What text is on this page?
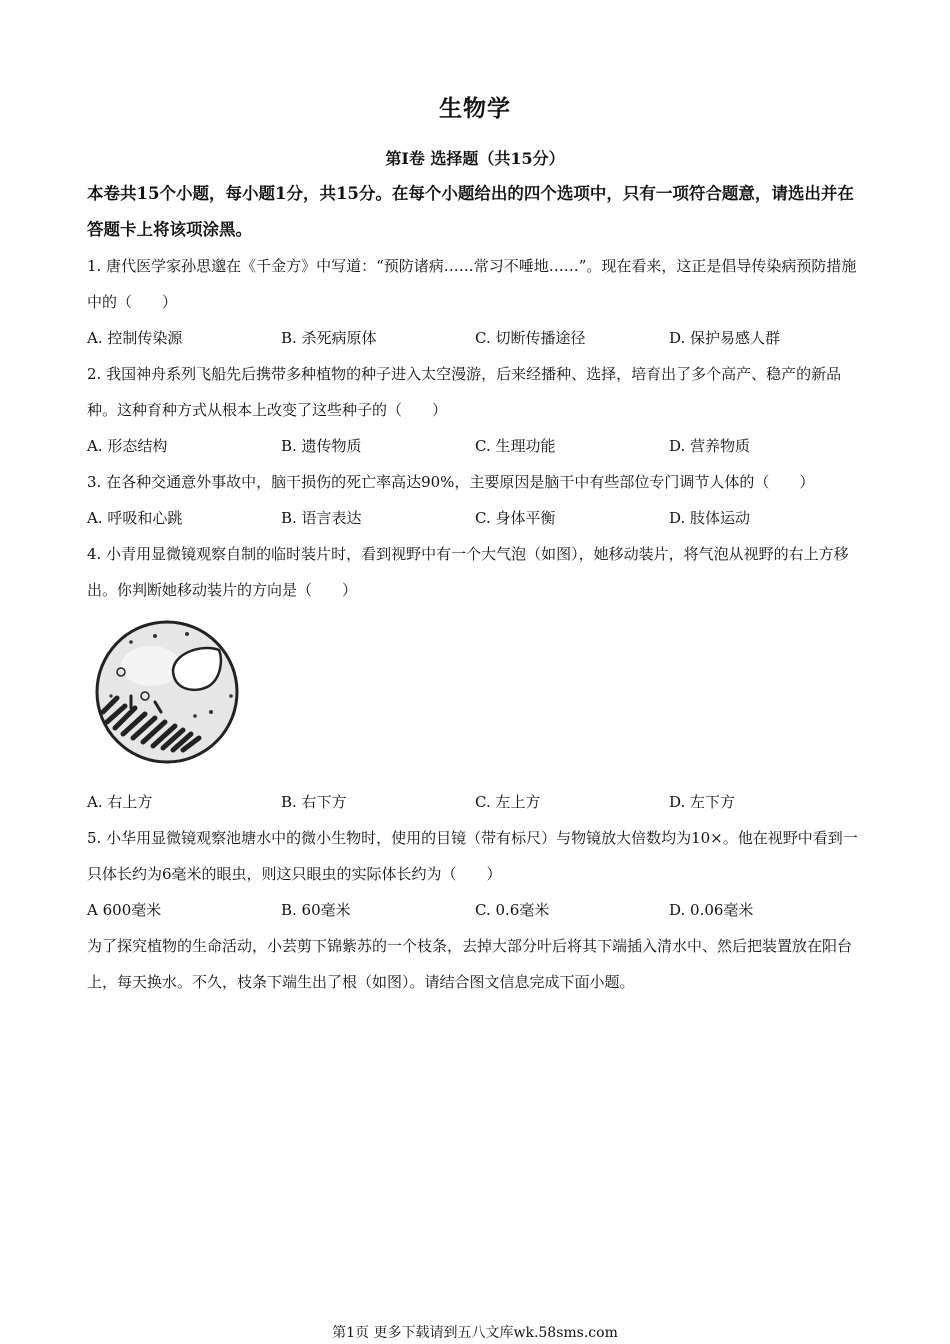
生物学
第Ⅰ卷 选择题（共15分）

本卷共15个小题，每小题1分，共15分。在每个小题给出的四个选项中，只有一项符合题意，请选出并在答题卡上将该项涂黑。

1. 唐代医学家孙思邈在《千金方》中写道：“预防诸病……常习不唾地……”。现在看来，这正是倡导传染病预防措施中的（　　）

A. 控制传染源	B. 杀死病原体	C. 切断传播途径	D. 保护易感人群

2. 我国神舟系列飞船先后携带多种植物的种子进入太空漫游，后来经播种、选择，培育出了多个高产、稳产的新品种。这种育种方式从根本上改变了这些种子的（　　）

A. 形态结构	B. 遗传物质	C. 生理功能	D. 营养物质

3. 在各种交通意外事故中，脑干损伤的死亡率高达90%，主要原因是脑干中有些部位专门调节人体的（　　）

A. 呼吸和心跳	B. 语言表达	C. 身体平衡	D. 肢体运动

4. 小青用显微镜观察自制的临时装片时，看到视野中有一个大气泡（如图），她移动装片，将气泡从视野的右上方移出。你判断她移动装片的方向是（　　）

A. 右上方	B. 右下方	C. 左上方	D. 左下方

5. 小华用显微镜观察池塘水中的微小生物时，使用的目镜（带有标尺）与物镜放大倍数均为10×。他在视野中看到一只体长约为6毫米的眼虫，则这只眼虫的实际体长约为（　　）

A 600毫米	B. 60毫米	C. 0.6毫米	D. 0.06毫米

为了探究植物的生命活动，小芸剪下锦紫苏的一个枝条，去掉大部分叶后将其下端插入清水中、然后把装置放在阳台上，每天换水。不久，枝条下端生出了根（如图）。请结合图文信息完成下面小题。

第1页 更多下载请到五八文库wk.58sms.com
